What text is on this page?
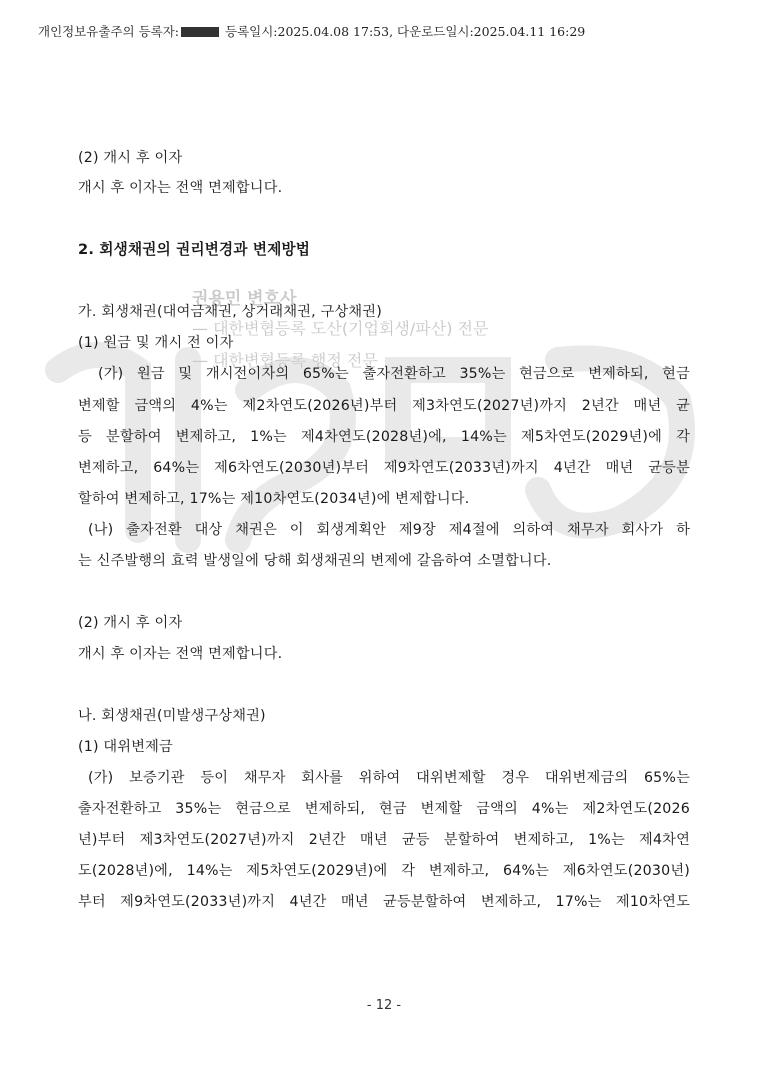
개인정보유출주의 등록자:	등록일시:2025.04.08 17:53, 다운로드일시:2025.04.11 16:29
권용민 변호사
— 대한변협등록 도산(기업회생/파산) 전문
— 대한변협등록 행정 전문
(2) 개시 후 이자
개시 후 이자는 전액 면제합니다.
2. 회생채권의 권리변경과 변제방법
가. 회생채권(대여금채권, 상거래채권, 구상채권)
(1) 원금 및 개시 전 이자
(가) 원금 및 개시전이자의 65%는 출자전환하고 35%는 현금으로 변제하되, 현금
변제할 금액의 4%는 제2차연도(2026년)부터 제3차연도(2027년)까지 2년간 매년 균
등 분할하여 변제하고, 1%는 제4차연도(2028년)에, 14%는 제5차연도(2029년)에 각
변제하고, 64%는 제6차연도(2030년)부터 제9차연도(2033년)까지 4년간 매년 균등분
할하여 변제하고, 17%는 제10차연도(2034년)에 변제합니다.
(나) 출자전환 대상 채권은 이 회생계획안 제9장 제4절에 의하여 채무자 회사가 하
는 신주발행의 효력 발생일에 당해 회생채권의 변제에 갈음하여 소멸합니다.
(2) 개시 후 이자
개시 후 이자는 전액 면제합니다.
나. 회생채권(미발생구상채권)
(1) 대위변제금
(가) 보증기관 등이 채무자 회사를 위하여 대위변제할 경우 대위변제금의 65%는
출자전환하고 35%는 현금으로 변제하되, 현금 변제할 금액의 4%는 제2차연도(2026
년)부터 제3차연도(2027년)까지 2년간 매년 균등 분할하여 변제하고, 1%는 제4차연
도(2028년)에, 14%는 제5차연도(2029년)에 각 변제하고, 64%는 제6차연도(2030년)
부터 제9차연도(2033년)까지 4년간 매년 균등분할하여 변제하고, 17%는 제10차연도
- 12 -
